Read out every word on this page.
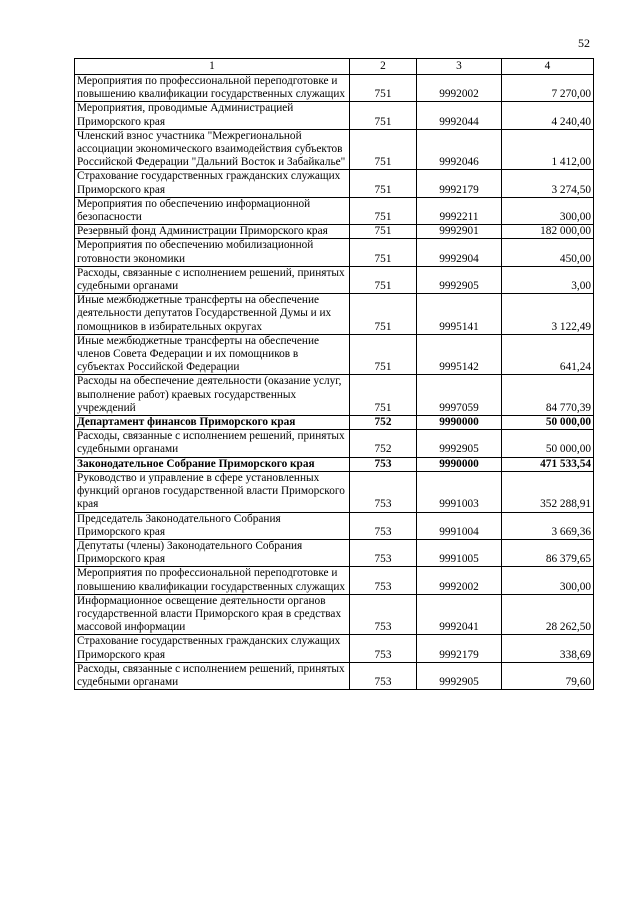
52
1	2	3	4
Мероприятия по профессиональной переподготовке и повышению квалификации государственных служащих	751	9992002	7 270,00
Мероприятия, проводимые Администрацией Приморского края	751	9992044	4 240,40
Членский взнос участника "Межрегиональной ассоциации экономического взаимодействия субъектов Российской Федерации "Дальний Восток и Забайкалье"	751	9992046	1 412,00
Страхование государственных гражданских служащих Приморского края	751	9992179	3 274,50
Мероприятия по обеспечению информационной безопасности	751	9992211	300,00
Резервный фонд Администрации Приморского края	751	9992901	182 000,00
Мероприятия по обеспечению мобилизационной готовности экономики	751	9992904	450,00
Расходы, связанные с исполнением решений, принятых судебными органами	751	9992905	3,00
Иные межбюджетные трансферты на обеспечение деятельности депутатов Государственной Думы и их помощников в избирательных округах	751	9995141	3 122,49
Иные межбюджетные трансферты на обеспечение членов Совета Федерации и их помощников в субъектах Российской Федерации	751	9995142	641,24
Расходы на обеспечение деятельности (оказание услуг, выполнение работ) краевых государственных учреждений	751	9997059	84 770,39
Департамент финансов Приморского края	752	9990000	50 000,00
Расходы, связанные с исполнением решений, принятых судебными органами	752	9992905	50 000,00
Законодательное Собрание Приморского края	753	9990000	471 533,54
Руководство и управление в сфере установленных функций органов государственной власти Приморского края	753	9991003	352 288,91
Председатель Законодательного Собрания Приморского края	753	9991004	3 669,36
Депутаты (члены) Законодательного Собрания Приморского края	753	9991005	86 379,65
Мероприятия по профессиональной переподготовке и повышению квалификации государственных служащих	753	9992002	300,00
Информационное освещение деятельности органов государственной власти Приморского края в средствах массовой информации	753	9992041	28 262,50
Страхование государственных гражданских служащих Приморского края	753	9992179	338,69
Расходы, связанные с исполнением решений, принятых судебными органами	753	9992905	79,60
